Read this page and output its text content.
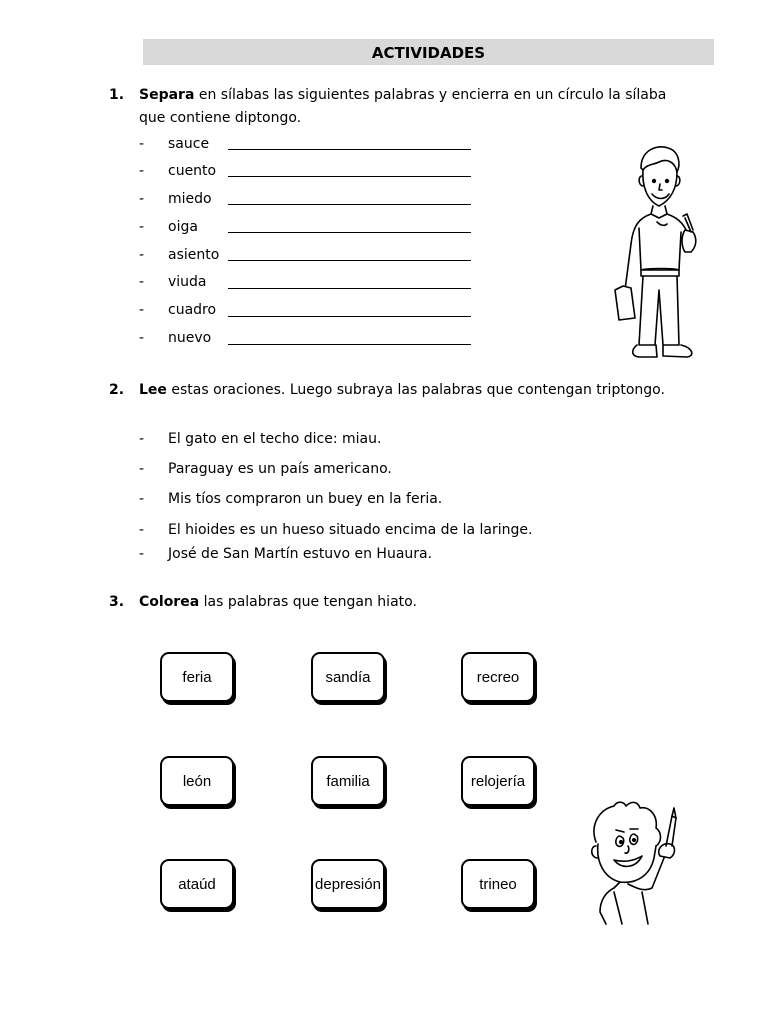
ACTIVIDADES
1. Separa en sílabas las siguientes palabras y encierra en un círculo la sílaba que contiene diptongo.
- sauce
- cuento
- miedo
- oiga
- asiento
- viuda
- cuadro
- nuevo
2. Lee estas oraciones. Luego subraya las palabras que contengan triptongo.
- El gato en el techo dice: miau.
- Paraguay es un país americano.
- Mis tíos compraron un buey en la feria.
- El hioides es un hueso situado encima de la laringe.
- José de San Martín estuvo en Huaura.
3. Colorea las palabras que tengan hiato.
feria	sandía	recreo
león	familia	relojería
ataúd	depresión	trineo
